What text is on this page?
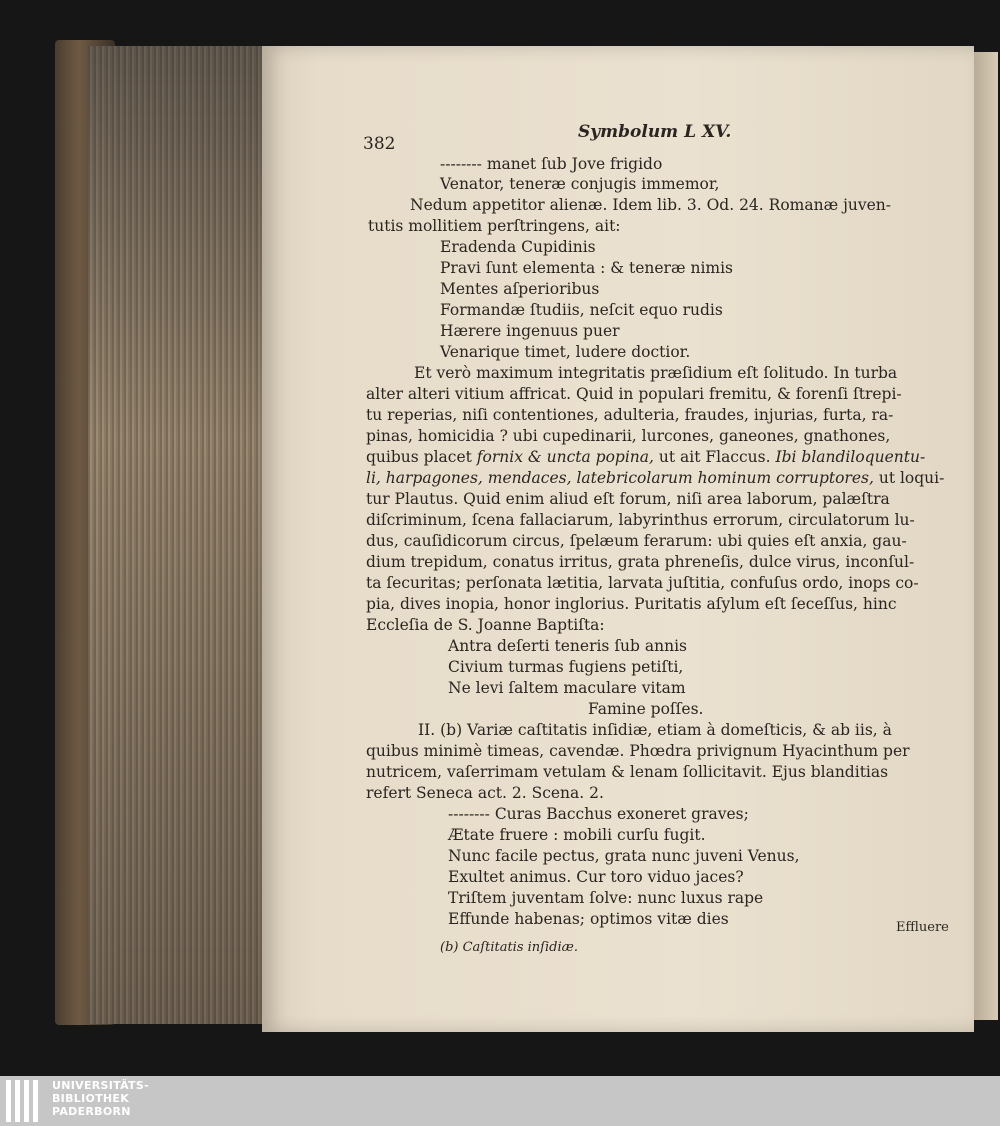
382
Symbolum L XV.
-------- manet ſub Jove frigido
Venator, teneræ conjugis immemor,
Nedum appetitor alienæ. Idem lib. 3. Od. 24. Romanæ juven-
tutis mollitiem perſtringens, ait:
Eradenda Cupidinis
Pravi ſunt elementa : & teneræ nimis
Mentes aſperioribus
Formandæ ſtudiis, neſcit equo rudis
Hærere ingenuus puer
Venarique timet, ludere doctior.
Et verò maximum integritatis præſidium eſt ſolitudo. In turba
alter alteri vitium affricat. Quid in populari fremitu, & forenſi ſtrepi-
tu reperias, niſi contentiones, adulteria, fraudes, injurias, furta, ra-
pinas, homicidia ? ubi cupedinarii, lurcones, ganeones, gnathones,
quibus placet fornix & uncta popina, ut ait Flaccus. Ibi blandiloquentu-
li, harpagones, mendaces, latebricolarum hominum corruptores, ut loqui-
tur Plautus. Quid enim aliud eſt forum, niſi area laborum, palæſtra
diſcriminum, ſcena fallaciarum, labyrinthus errorum, circulatorum lu-
dus, cauſidicorum circus, ſpelæum ferarum: ubi quies eſt anxia, gau-
dium trepidum, conatus irritus, grata phreneſis, dulce virus, inconſul-
ta ſecuritas; perſonata lætitia, larvata juſtitia, confuſus ordo, inops co-
pia, dives inopia, honor inglorius. Puritatis aſylum eſt ſeceſſus, hinc
Eccleſia de S. Joanne Baptiſta:
Antra deſerti teneris ſub annis
Civium turmas fugiens petiſti,
Ne levi ſaltem maculare vitam
Famine poſſes.
II. (b) Variæ caſtitatis inſidiæ, etiam à domeſticis, & ab iis, à
quibus minimè timeas, cavendæ. Phœdra privignum Hyacinthum per
nutricem, vaſerrimam vetulam & lenam ſollicitavit. Ejus blanditias
refert Seneca act. 2. Scena. 2.
-------- Curas Bacchus exoneret graves;
Ætate fruere : mobili curſu fugit.
Nunc facile pectus, grata nunc juveni Venus,
Exultet animus. Cur toro viduo jaces?
Triſtem juventam ſolve: nunc luxus rape
Effunde habenas; optimos vitæ dies	Effluere
(b) Caſtitatis inſidiæ.
UNIVERSITÄTS-
BIBLIOTHEK
PADERBORN
